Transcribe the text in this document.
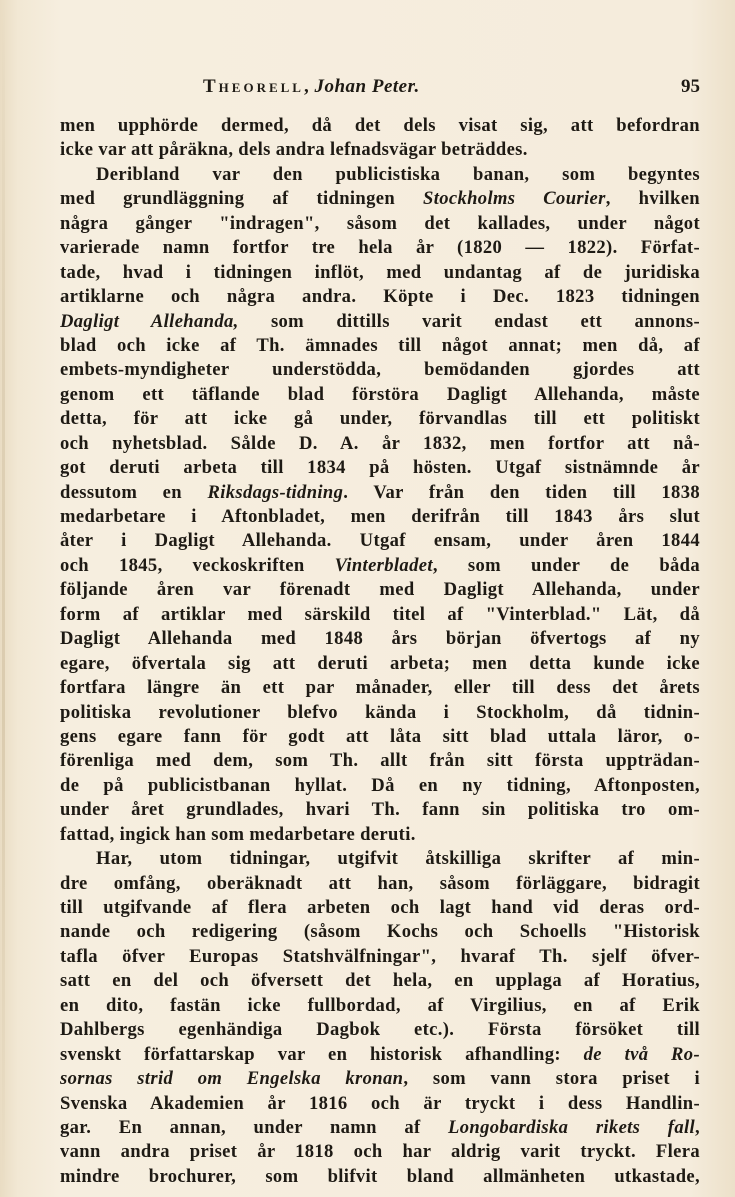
Theorell, Johan Peter.	95
men upphörde dermed, då det dels visat sig, att befordran
icke var att påräkna, dels andra lefnadsvägar beträddes.
Deribland var den publicistiska banan, som begyntes
med grundläggning af tidningen Stockholms Courier, hvilken
några gånger "indragen", såsom det kallades, under något
varierade namn fortfor tre hela år (1820 — 1822). Förfat-
tade, hvad i tidningen inflöt, med undantag af de juridiska
artiklarne och några andra. Köpte i Dec. 1823 tidningen
Dagligt Allehanda, som dittills varit endast ett annons-
blad och icke af Th. ämnades till något annat; men då, af
embets-myndigheter understödda, bemödanden gjordes att
genom ett täflande blad förstöra Dagligt Allehanda, måste
detta, för att icke gå under, förvandlas till ett politiskt
och nyhetsblad. Sålde D. A. år 1832, men fortfor att nå-
got deruti arbeta till 1834 på hösten. Utgaf sistnämnde år
dessutom en Riksdags-tidning. Var från den tiden till 1838
medarbetare i Aftonbladet, men derifrån till 1843 års slut
åter i Dagligt Allehanda. Utgaf ensam, under åren 1844
och 1845, veckoskriften Vinterbladet, som under de båda
följande åren var förenadt med Dagligt Allehanda, under
form af artiklar med särskild titel af "Vinterblad." Lät, då
Dagligt Allehanda med 1848 års början öfvertogs af ny
egare, öfvertala sig att deruti arbeta; men detta kunde icke
fortfara längre än ett par månader, eller till dess det årets
politiska revolutioner blefvo kända i Stockholm, då tidnin-
gens egare fann för godt att låta sitt blad uttala läror, o-
förenliga med dem, som Th. allt från sitt första uppträdan-
de på publicistbanan hyllat. Då en ny tidning, Aftonposten,
under året grundlades, hvari Th. fann sin politiska tro om-
fattad, ingick han som medarbetare deruti.
Har, utom tidningar, utgifvit åtskilliga skrifter af min-
dre omfång, oberäknadt att han, såsom förläggare, bidragit
till utgifvande af flera arbeten och lagt hand vid deras ord-
nande och redigering (såsom Kochs och Schoells "Historisk
tafla öfver Europas Statshvälfningar", hvaraf Th. sjelf öfver-
satt en del och öfversett det hela, en upplaga af Horatius,
en dito, fastän icke fullbordad, af Virgilius, en af Erik
Dahlbergs egenhändiga Dagbok etc.). Första försöket till
svenskt författarskap var en historisk afhandling: de två Ro-
sornas strid om Engelska kronan, som vann stora priset i
Svenska Akademien år 1816 och är tryckt i dess Handlin-
gar. En annan, under namn af Longobardiska rikets fall,
vann andra priset år 1818 och har aldrig varit tryckt. Flera
mindre brochurer, som blifvit bland allmänheten utkastade,
